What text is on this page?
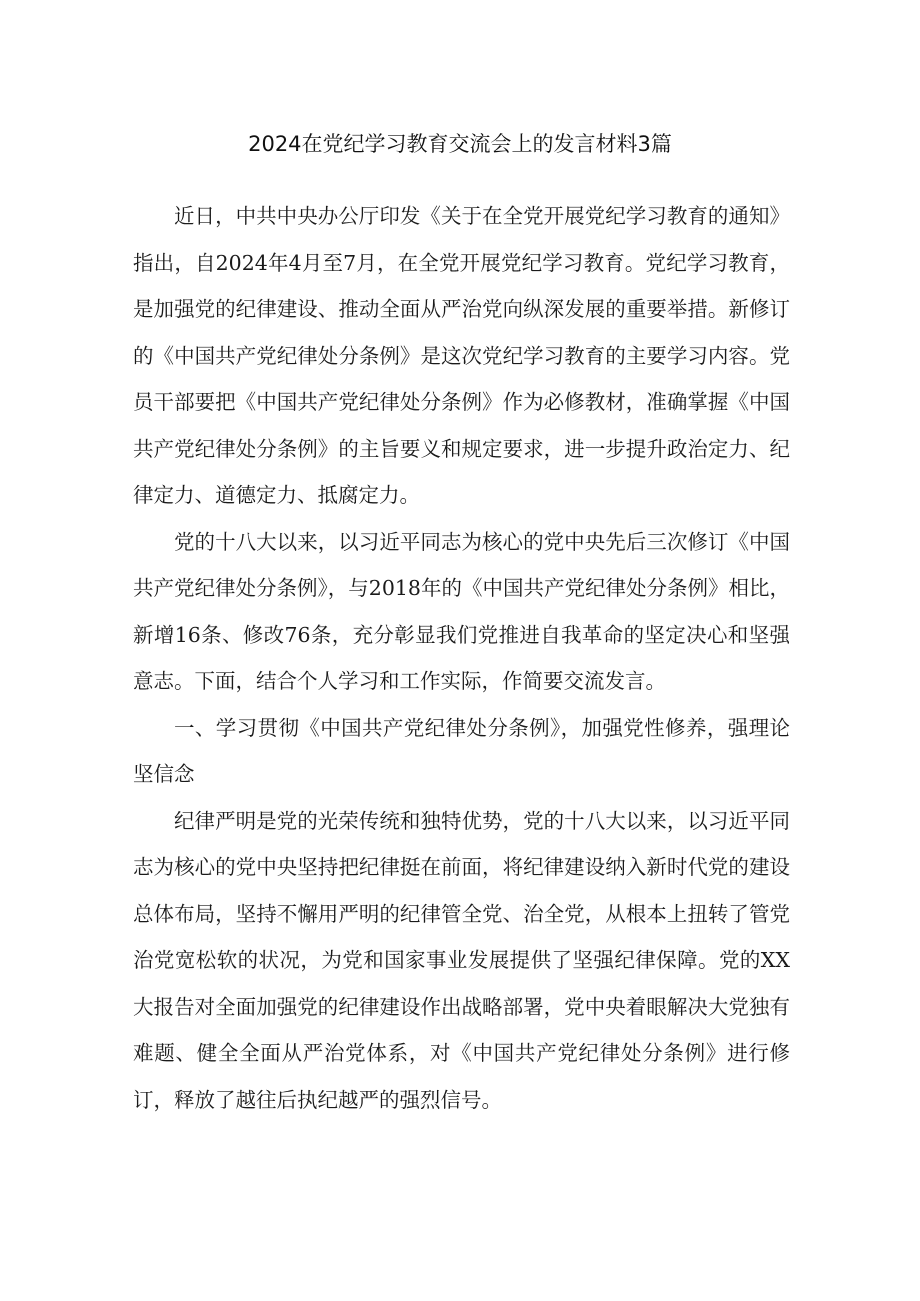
2024在党纪学习教育交流会上的发言材料3篇

近日，中共中央办公厅印发《关于在全党开展党纪学习教育的通知》指出，自2024年4月至7月，在全党开展党纪学习教育。党纪学习教育，是加强党的纪律建设、推动全面从严治党向纵深发展的重要举措。新修订的《中国共产党纪律处分条例》是这次党纪学习教育的主要学习内容。党员干部要把《中国共产党纪律处分条例》作为必修教材，准确掌握《中国共产党纪律处分条例》的主旨要义和规定要求，进一步提升政治定力、纪律定力、道德定力、抵腐定力。

党的十八大以来，以习近平同志为核心的党中央先后三次修订《中国共产党纪律处分条例》，与2018年的《中国共产党纪律处分条例》相比，新增16条、修改76条，充分彰显我们党推进自我革命的坚定决心和坚强意志。下面，结合个人学习和工作实际，作简要交流发言。

一、学习贯彻《中国共产党纪律处分条例》，加强党性修养，强理论坚信念

纪律严明是党的光荣传统和独特优势，党的十八大以来，以习近平同志为核心的党中央坚持把纪律挺在前面，将纪律建设纳入新时代党的建设总体布局，坚持不懈用严明的纪律管全党、治全党，从根本上扭转了管党治党宽松软的状况，为党和国家事业发展提供了坚强纪律保障。党的XX大报告对全面加强党的纪律建设作出战略部署，党中央着眼解决大党独有难题、健全全面从严治党体系，对《中国共产党纪律处分条例》进行修订，释放了越往后执纪越严的强烈信号。
